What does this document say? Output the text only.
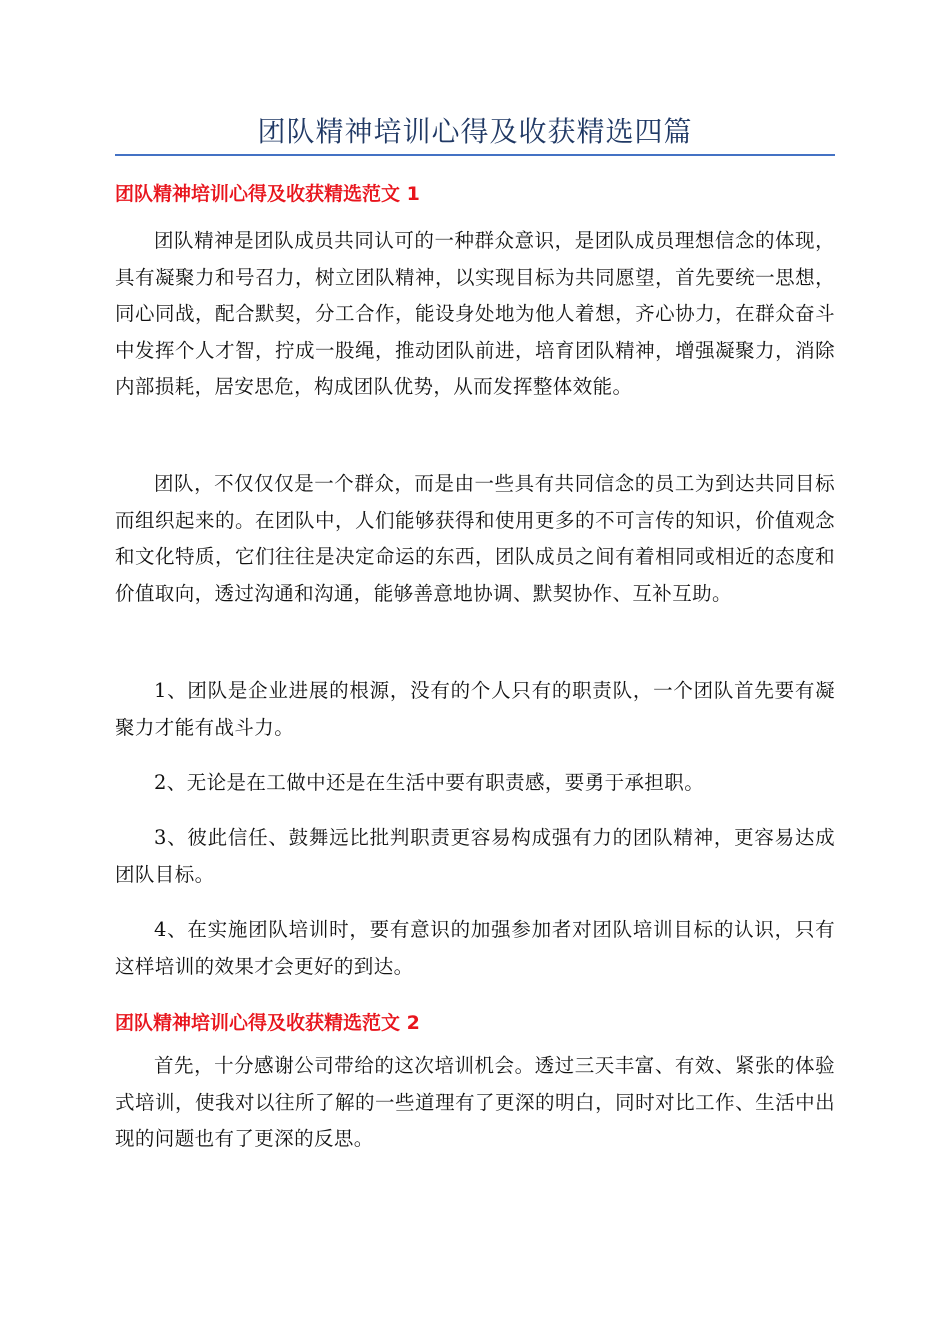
团队精神培训心得及收获精选四篇
团队精神培训心得及收获精选范文 1

团队精神是团队成员共同认可的一种群众意识，是团队成员理想信念的体现，具有凝聚力和号召力，树立团队精神，以实现目标为共同愿望，首先要统一思想，同心同战，配合默契，分工合作，能设身处地为他人着想，齐心协力，在群众奋斗中发挥个人才智，拧成一股绳，推动团队前进，培育团队精神，增强凝聚力，消除内部损耗，居安思危，构成团队优势，从而发挥整体效能。

团队，不仅仅仅是一个群众，而是由一些具有共同信念的员工为到达共同目标而组织起来的。在团队中，人们能够获得和使用更多的不可言传的知识，价值观念和文化特质，它们往往是决定命运的东西，团队成员之间有着相同或相近的态度和价值取向，透过沟通和沟通，能够善意地协调、默契协作、互补互助。

1、团队是企业进展的根源，没有的个人只有的职责队，一个团队首先要有凝聚力才能有战斗力。

2、无论是在工做中还是在生活中要有职责感，要勇于承担职。

3、彼此信任、鼓舞远比批判职责更容易构成强有力的团队精神，更容易达成团队目标。

4、在实施团队培训时，要有意识的加强参加者对团队培训目标的认识，只有这样培训的效果才会更好的到达。

团队精神培训心得及收获精选范文 2

首先，十分感谢公司带给的这次培训机会。透过三天丰富、有效、紧张的体验式培训，使我对以往所了解的一些道理有了更深的明白，同时对比工作、生活中出现的问题也有了更深的反思。
